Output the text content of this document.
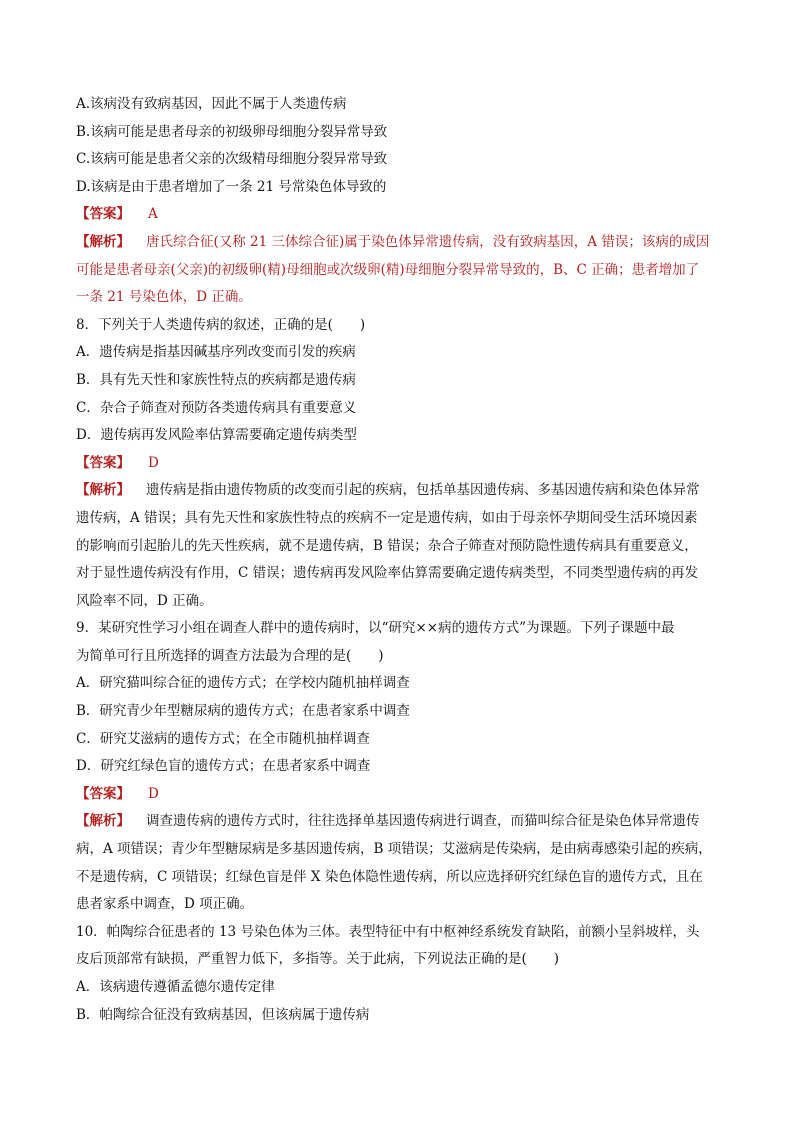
A.该病没有致病基因，因此不属于人类遗传病
B.该病可能是患者母亲的初级卵母细胞分裂异常导致
C.该病可能是患者父亲的次级精母细胞分裂异常导致
D.该病是由于患者增加了一条 21 号常染色体导致的
【答案】 A
【解析】 唐氏综合征(又称 21 三体综合征)属于染色体异常遗传病，没有致病基因，A 错误；该病的成因
可能是患者母亲(父亲)的初级卵(精)母细胞或次级卵(精)母细胞分裂异常导致的，B、C 正确；患者增加了
一条 21 号染色体，D 正确。
8．下列关于人类遗传病的叙述，正确的是(　　)
A．遗传病是指基因碱基序列改变而引发的疾病
B．具有先天性和家族性特点的疾病都是遗传病
C．杂合子筛查对预防各类遗传病具有重要意义
D．遗传病再发风险率估算需要确定遗传病类型
【答案】 D
【解析】 遗传病是指由遗传物质的改变而引起的疾病，包括单基因遗传病、多基因遗传病和染色体异常
遗传病，A 错误；具有先天性和家族性特点的疾病不一定是遗传病，如由于母亲怀孕期间受生活环境因素
的影响而引起胎儿的先天性疾病，就不是遗传病，B 错误；杂合子筛查对预防隐性遗传病具有重要意义，
对于显性遗传病没有作用，C 错误；遗传病再发风险率估算需要确定遗传病类型，不同类型遗传病的再发
风险率不同，D 正确。
9．某研究性学习小组在调查人群中的遗传病时，以“研究××病的遗传方式”为课题。下列子课题中最
为简单可行且所选择的调查方法最为合理的是(　　)
A．研究猫叫综合征的遗传方式；在学校内随机抽样调查
B．研究青少年型糖尿病的遗传方式；在患者家系中调查
C．研究艾滋病的遗传方式；在全市随机抽样调查
D．研究红绿色盲的遗传方式；在患者家系中调查
【答案】 D
【解析】 调查遗传病的遗传方式时，往往选择单基因遗传病进行调查，而猫叫综合征是染色体异常遗传
病，A 项错误；青少年型糖尿病是多基因遗传病，B 项错误；艾滋病是传染病，是由病毒感染引起的疾病，
不是遗传病，C 项错误；红绿色盲是伴 X 染色体隐性遗传病，所以应选择研究红绿色盲的遗传方式，且在
患者家系中调查，D 项正确。
10．帕陶综合征患者的 13 号染色体为三体。表型特征中有中枢神经系统发育缺陷，前额小呈斜坡样，头
皮后顶部常有缺损，严重智力低下，多指等。关于此病，下列说法正确的是(　　)
A．该病遗传遵循孟德尔遗传定律
B．帕陶综合征没有致病基因，但该病属于遗传病
